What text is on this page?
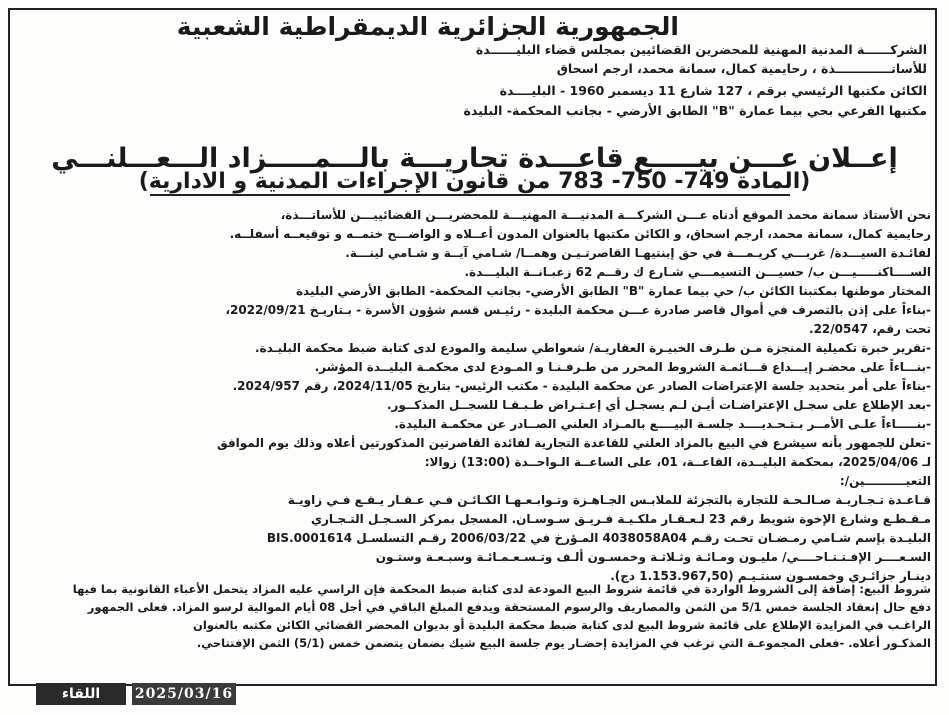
الجمهورية الجزائرية الديمقراطية الشعبية
الشركــــــة المدنية المهنية للمحضرين القضائيين بمجلس قضاء البليــــــدة
للأساتـــــــــــــذة ، رحايمية كمال، سمانة محمد، ارجم اسحاق
الكائن مكتبها الرئيسي برقم ، 127 شارع 11 ديسمبر 1960 - البليــــدة
مكتبها الفرعي بحي بيما عمارة "B" الطابق الأرضي - بجانب المحكمة- البليدة
إعــلان عـــن بيـــــع قاعـــدة تجاريـــة بالـــمـــــزاد الـــعـــلنـــي
(المادة 749- 750- 783 من قانون الإجراءات المدنية و الادارية)
نحن الأستاذ سمانة محمد الموقع أدناه عـــن الشركـــة المدنيـــة المهنيـــة للمحضريـــن القضائييـــن للأساتـــذة،
رحايمية كمال، سمانة محمد، ارجم اسحاق، و الكائن مكتبها بالعنوان المدون أعــلاه و الواضـــح ختمــه و توقيعــه أسفلــه.
لفائـدة السيـــدة/ غربـــي كريـمـــة في حق إبنتيهـا القاصرتـيـن وهمــا/ شـامي آيــة و شـامي لينـــة.
الســــاكنـــــيـــن ب/ حسيـــن التسيمـــي شـارع ك رقــم 62 زعبـانــة البليـــدة.
المختار موطنها بمكتبنا الكائن ب/ حي بيما عمارة "B" الطابق الأرضي- بجانب المحكمة- الطابق الأرضي البليدة
-بناءاً على إذن بالتصرف في أموال قاصر صادرة عـــن محكمة البليدة - رئيـس قسم شؤون الأسرة - بـتاريـخ 2022/09/21،
تحت رقم، 22/0547.
-تقرير خبرة تكميلية المنجزة مـن طـرف الخبيـرة العقاريـة/ شعواطي سليمة والمودع لدى كتابة ضبط محكمة البليـدة.
-بنـــاءاً على محضـر إيـــداع قـــائمـة الشروط المحرر من طـرفـنـا و المـودع لدى محكمـة البليــدة المؤشر.
-بناءاً على أمر بتحديد جلسة الإعتراضات الصادر عن محكمة البليدة - مكتب الرئيس- بتاريخ 2024/11/05، رقم 2024/957.
-بعد الإطلاع على سجـل الإعتراضـات أيـن لـم يسجـل أي إعـتـراض طـبـقـا للسجــل المذكــور.
-بنـــــاءاً علـى الأمــر بـتـحـديــــد جلسـة البيــــع بالمـزاد العلني الصــادر عن محكمـة البليدة.
-تعلن للجمهور بأنه سيشرع في البيع بالمزاد العلني للقاعدة التجارية لفائدة القاصرتين المذكورتين أعلاه وذلك يوم الموافق
لـ 2025/04/06، بمحكمة البليــدة، القاعــة، 01، على الساعــة الـواحــدة (13:00) زوالا:
التعيــــــــــين/:
قـاعـدة تـجـاريـة صـالـحـة للتجارة بالتجزئة للملابـس الجـاهـزة وتـوابـعـهـا الكـائـن فـي عـقـار يـقـع فـي زاويـة
مـقـطـع وشارع الإخوة شويط رقم 23 لـعـقـار ملكـيـة فـريـق سـوسـان. المسجل بمركز السـجـل التـجـاري
البليـدة بإسم شـامي رمـضـان تحـت رقـم 4038058A04 المـؤرخ في 2006/03/22 رقـم التسلسـل BIS.0001614
السـعــــر الإفـتـتـاحــــي/ مليـون ومـائـة وثـلاثـة وخمسـون ألـف وتـسـعـمـائـة وسبـعـة وستـون
دينـار جزائـري وخمسـون سنتـيـم (1.153.967,50 دج).
شروط البيع: إضافة إلى الشروط الواردة في قائمة شروط البيع المودعة لدى كتابة ضبط المحكمة فإن الراسي عليه المزاد يتحمل الأعباء القانونية بما فيها
دفع حال إنعقاد الجلسة خمس 5/1 من الثمن والمصاريف والرسوم المستحقة ويدفع المبلغ الباقي في أجل 08 أيام الموالية لرسو المزاد. فعلى الجمهور
الراغـب في المزايدة الإطلاع على قائمة شروط البيع لدى كتابة ضبط محكمة البليدة أو بديوان المحضر القضائي الكائن مكتبه بالعنوان
المذكـور أعلاه. -فعلى المجموعـة التي ترغب في المزايدة إحضـار يوم جلسة البيع شيك بضمان يتضمن خمس (5/1) الثمن الإفتتاحي.
اللقاء	2025/03/16
